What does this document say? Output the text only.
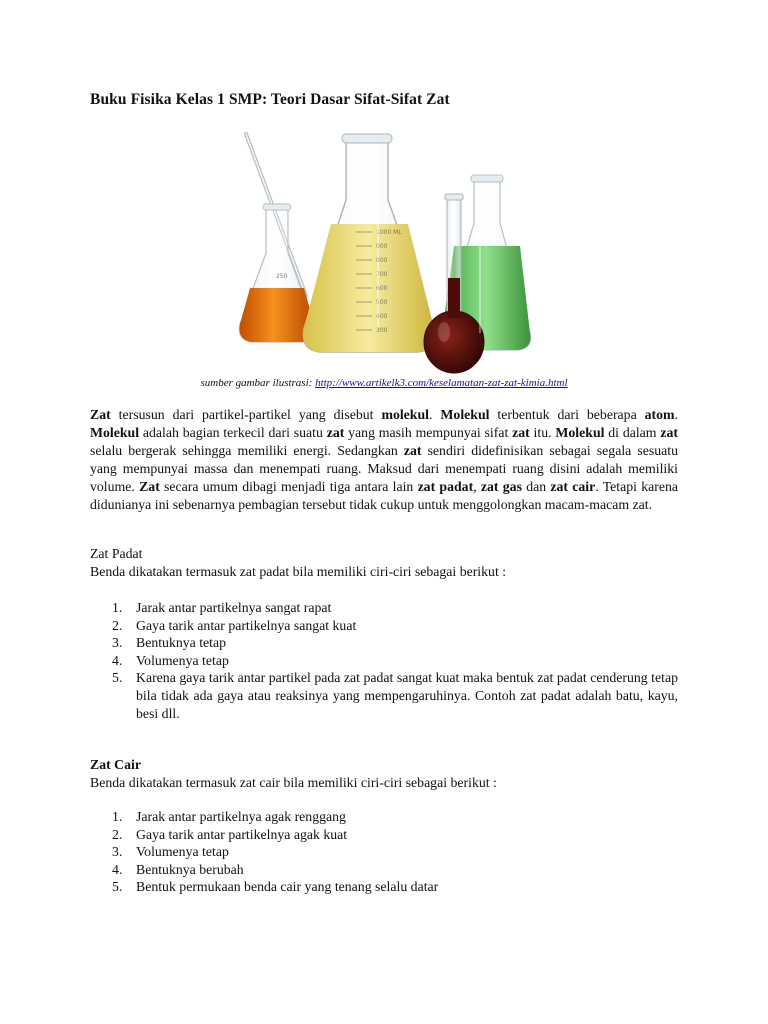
Buku Fisika Kelas 1 SMP: Teori Dasar Sifat-Sifat Zat
250
1000 ML
900
800
700
600
500
400
300
sumber gambar ilustrasi: http://www.artikelk3.com/keselamatan-zat-zat-kimia.html

Zat tersusun dari partikel-partikel yang disebut molekul. Molekul terbentuk dari beberapa atom. Molekul adalah bagian terkecil dari suatu zat yang masih mempunyai sifat zat itu. Molekul di dalam zat selalu bergerak sehingga memiliki energi. Sedangkan zat sendiri didefinisikan sebagai segala sesuatu yang mempunyai massa dan menempati ruang. Maksud dari menempati ruang disini adalah memiliki volume. Zat secara umum dibagi menjadi tiga antara lain zat padat, zat gas dan zat cair. Tetapi karena didunianya ini sebenarnya pembagian tersebut tidak cukup untuk menggolongkan macam-macam zat.

Zat Padat
Benda dikatakan termasuk zat padat bila memiliki ciri-ciri sebagai berikut :
1. Jarak antar partikelnya sangat rapat
2. Gaya tarik antar partikelnya sangat kuat
3. Bentuknya tetap
4. Volumenya tetap
5. Karena gaya tarik antar partikel pada zat padat sangat kuat maka bentuk zat padat cenderung tetap bila tidak ada gaya atau reaksinya yang mempengaruhinya. Contoh zat padat adalah batu, kayu, besi dll.
Zat Cair
Benda dikatakan termasuk zat cair bila memiliki ciri-ciri sebagai berikut :
1. Jarak antar partikelnya agak renggang
2. Gaya tarik antar partikelnya agak kuat
3. Volumenya tetap
4. Bentuknya berubah
5. Bentuk permukaan benda cair yang tenang selalu datar
